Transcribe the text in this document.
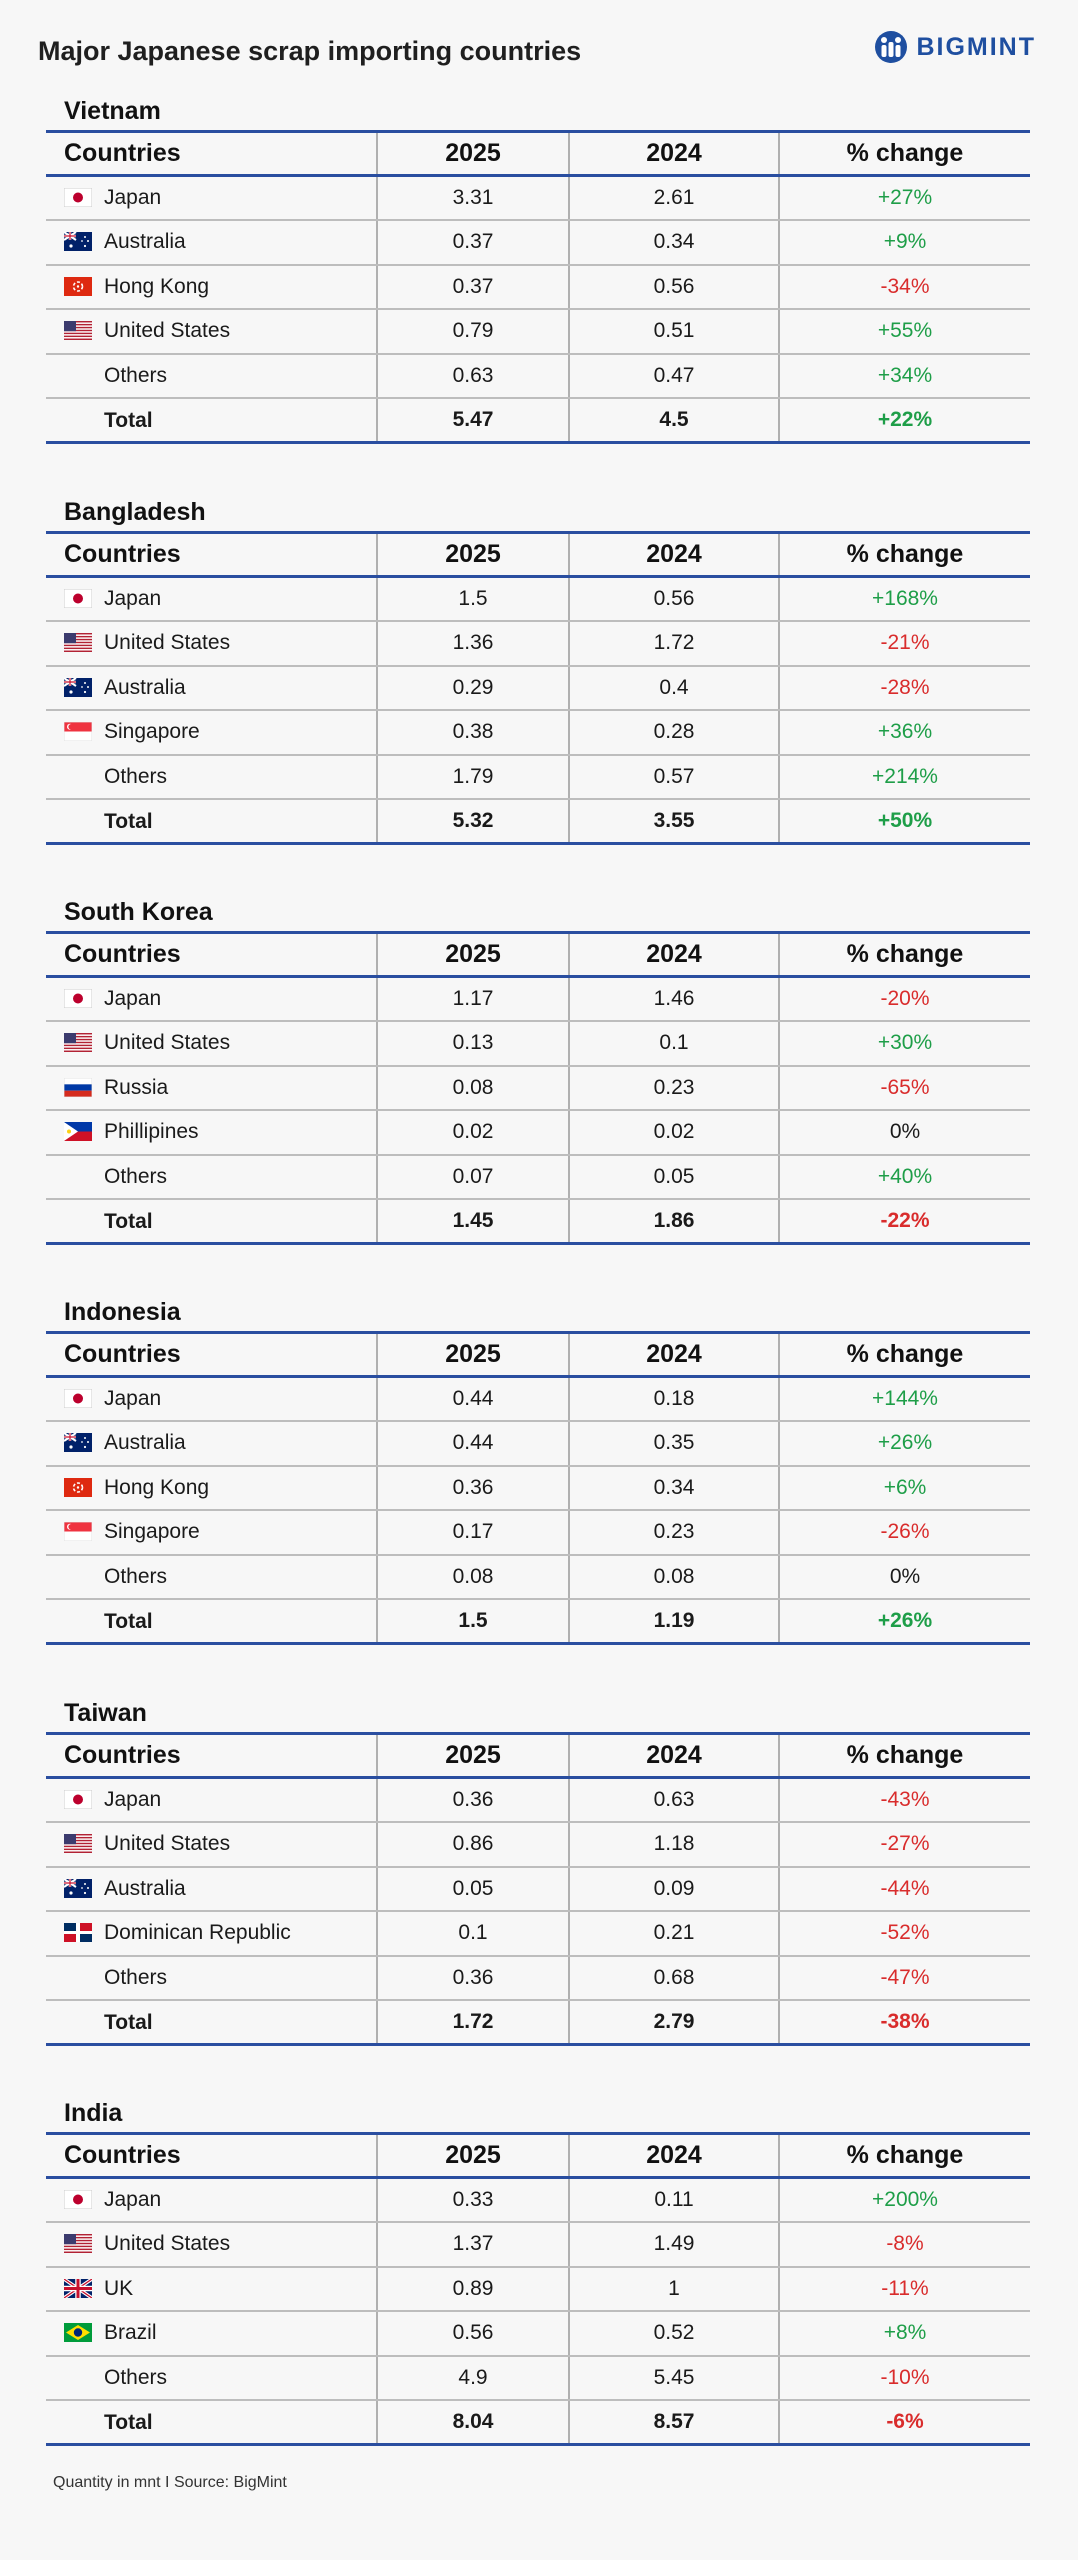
Major Japanese scrap importing countries	BIGMINT
Vietnam
Countries	2025	2024	% change
Japan	3.31	2.61	+27%
Australia	0.37	0.34	+9%
Hong Kong	0.37	0.56	-34%
United States	0.79	0.51	+55%
Others	0.63	0.47	+34%
Total	5.47	4.5	+22%
Bangladesh
Countries	2025	2024	% change
Japan	1.5	0.56	+168%
United States	1.36	1.72	-21%
Australia	0.29	0.4	-28%
Singapore	0.38	0.28	+36%
Others	1.79	0.57	+214%
Total	5.32	3.55	+50%
South Korea
Countries	2025	2024	% change
Japan	1.17	1.46	-20%
United States	0.13	0.1	+30%
Russia	0.08	0.23	-65%
Phillipines	0.02	0.02	0%
Others	0.07	0.05	+40%
Total	1.45	1.86	-22%
Indonesia
Countries	2025	2024	% change
Japan	0.44	0.18	+144%
Australia	0.44	0.35	+26%
Hong Kong	0.36	0.34	+6%
Singapore	0.17	0.23	-26%
Others	0.08	0.08	0%
Total	1.5	1.19	+26%
Taiwan
Countries	2025	2024	% change
Japan	0.36	0.63	-43%
United States	0.86	1.18	-27%
Australia	0.05	0.09	-44%
Dominican Republic	0.1	0.21	-52%
Others	0.36	0.68	-47%
Total	1.72	2.79	-38%
India
Countries	2025	2024	% change
Japan	0.33	0.11	+200%
United States	1.37	1.49	-8%
UK	0.89	1	-11%
Brazil	0.56	0.52	+8%
Others	4.9	5.45	-10%
Total	8.04	8.57	-6%
Quantity in mnt I Source: BigMint
